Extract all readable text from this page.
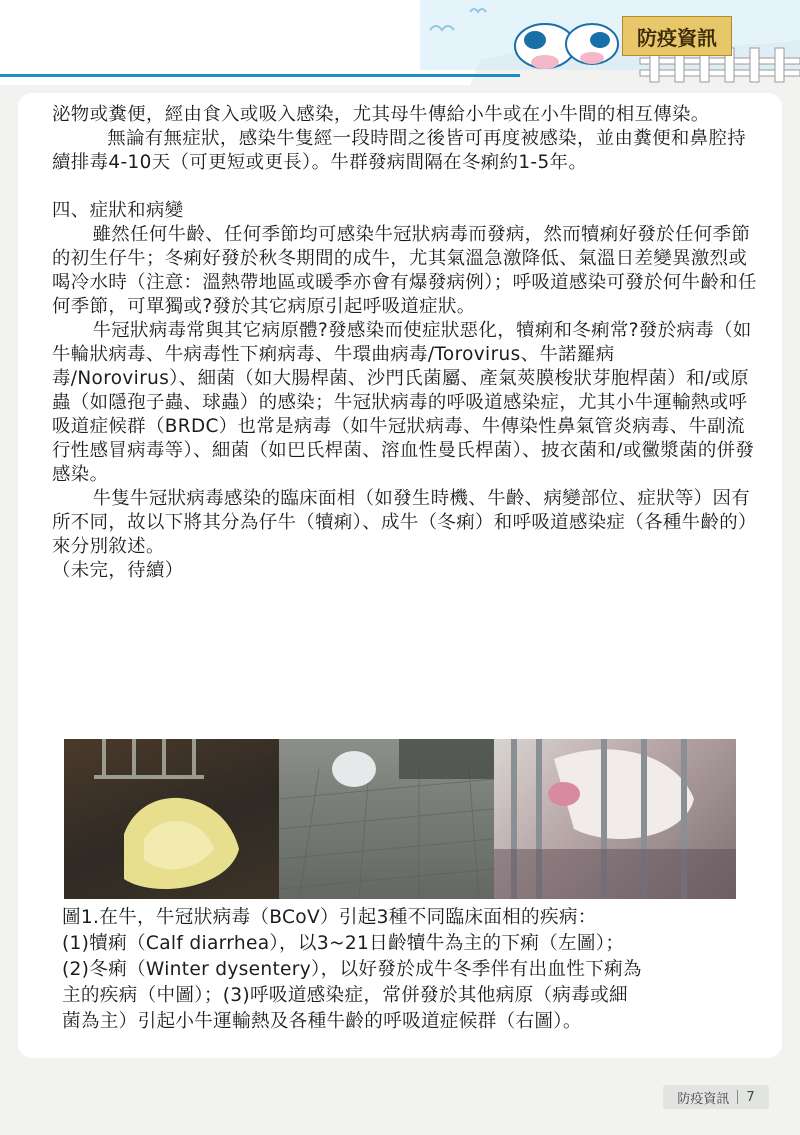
防疫資訊

泌物或糞便，經由食入或吸入感染，尤其母牛傳給小牛或在小牛間的相互傳染。

無論有無症狀，感染牛隻經一段時間之後皆可再度被感染，並由糞便和鼻腔持續排毒4-10天（可更短或更長）。牛群發病間隔在冬痢約1-5年。

四、症狀和病變

雖然任何牛齡、任何季節均可感染牛冠狀病毒而發病，然而犢痢好發於任何季節的初生仔牛；冬痢好發於秋冬期間的成牛，尤其氣溫急激降低、氣溫日差變異激烈或喝冷水時（注意：溫熱帶地區或暖季亦會有爆發病例）；呼吸道感染可發於何牛齡和任何季節，可單獨或?發於其它病原引起呼吸道症狀。

牛冠狀病毒常與其它病原體?發感染而使症狀惡化，犢痢和冬痢常?發於病毒（如牛輪狀病毒、牛病毒性下痢病毒、牛環曲病毒/Torovirus、牛諾羅病毒/Norovirus）、細菌（如大腸桿菌、沙門氏菌屬、產氣莢膜梭狀芽胞桿菌）和/或原蟲（如隱孢子蟲、球蟲）的感染；牛冠狀病毒的呼吸道感染症，尤其小牛運輸熱或呼吸道症候群（BRDC）也常是病毒（如牛冠狀病毒、牛傳染性鼻氣管炎病毒、牛副流行性感冒病毒等）、細菌（如巴氏桿菌、溶血性曼氏桿菌）、披衣菌和/或黴漿菌的併發感染。

牛隻牛冠狀病毒感染的臨床面相（如發生時機、牛齡、病變部位、症狀等）因有所不同，故以下將其分為仔牛（犢痢）、成牛（冬痢）和呼吸道感染症（各種牛齡的）來分別敘述。

（未完，待續）

圖1.在牛，牛冠狀病毒（BCoV）引起3種不同臨床面相的疾病：

(1)犢痢（Calf diarrhea），以3~21日齡犢牛為主的下痢（左圖）；

(2)冬痢（Winter dysentery），以好發於成牛冬季伴有出血性下痢為

主的疾病（中圖）；(3)呼吸道感染症，常併發於其他病原（病毒或細

菌為主）引起小牛運輸熱及各種牛齡的呼吸道症候群（右圖）。

防疫資訊 7
